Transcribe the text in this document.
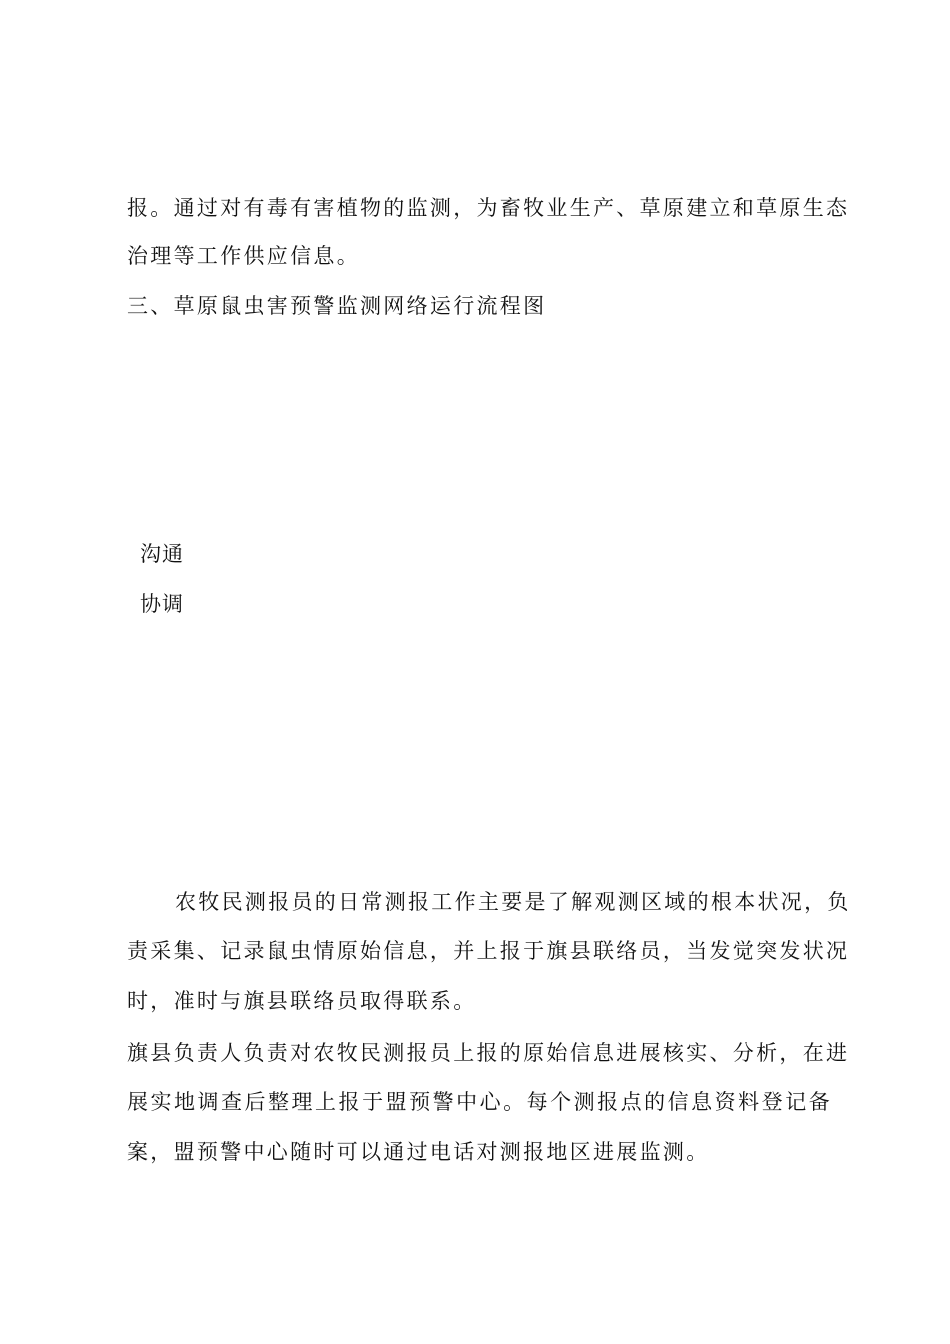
报。通过对有毒有害植物的监测，为畜牧业生产、草原建立和草原生态
治理等工作供应信息。
三、草原鼠虫害预警监测网络运行流程图
沟通
协调
农牧民测报员的日常测报工作主要是了解观测区域的根本状况，负
责采集、记录鼠虫情原始信息，并上报于旗县联络员，当发觉突发状况
时，准时与旗县联络员取得联系。
旗县负责人负责对农牧民测报员上报的原始信息进展核实、分析，在进
展实地调查后整理上报于盟预警中心。每个测报点的信息资料登记备
案，盟预警中心随时可以通过电话对测报地区进展监测。
